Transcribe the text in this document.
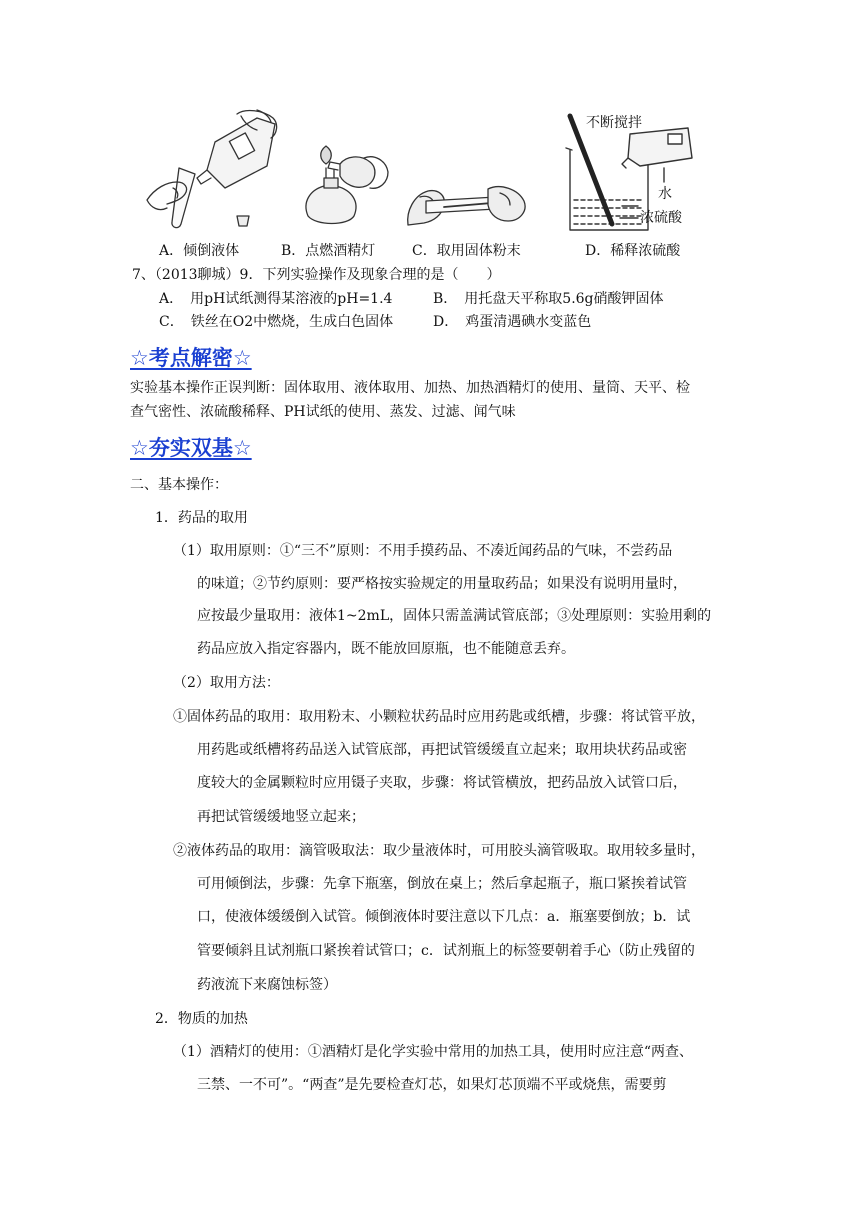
不断搅拌
水
浓硫酸
A．倾倒液体	B．点燃酒精灯	C．取用固体粉末	D．稀释浓硫酸
7、（2013聊城）9．下列实验操作及现象合理的是（　　）
A．　用pH试纸测得某溶液的pH=1.4	B．　用托盘天平称取5.6g硝酸钾固体
C．　铁丝在O2中燃烧，生成白色固体	D．　鸡蛋清遇碘水变蓝色
☆考点解密☆
实验基本操作正误判断：固体取用、液体取用、加热、加热酒精灯的使用、量筒、天平、检
查气密性、浓硫酸稀释、PH试纸的使用、蒸发、过滤、闻气味
☆夯实双基☆
二、基本操作：
1．药品的取用
（1）取用原则：①“三不”原则：不用手摸药品、不凑近闻药品的气味，不尝药品
的味道；②节约原则：要严格按实验规定的用量取药品；如果没有说明用量时，
应按最少量取用：液体1~2mL，固体只需盖满试管底部；③处理原则：实验用剩的
药品应放入指定容器内，既不能放回原瓶，也不能随意丢弃。
（2）取用方法：
①固体药品的取用：取用粉末、小颗粒状药品时应用药匙或纸槽，步骤：将试管平放，
用药匙或纸槽将药品送入试管底部，再把试管缓缓直立起来；取用块状药品或密
度较大的金属颗粒时应用镊子夹取，步骤：将试管横放，把药品放入试管口后，
再把试管缓缓地竖立起来；
②液体药品的取用：滴管吸取法：取少量液体时，可用胶头滴管吸取。取用较多量时，
可用倾倒法，步骤：先拿下瓶塞，倒放在桌上；然后拿起瓶子，瓶口紧挨着试管
口，使液体缓缓倒入试管。倾倒液体时要注意以下几点：a．瓶塞要倒放；b．试
管要倾斜且试剂瓶口紧挨着试管口；c．试剂瓶上的标签要朝着手心（防止残留的
药液流下来腐蚀标签）
2．物质的加热
（1）酒精灯的使用：①酒精灯是化学实验中常用的加热工具，使用时应注意“两查、
三禁、一不可”。“两查”是先要检查灯芯，如果灯芯顶端不平或烧焦，需要剪
